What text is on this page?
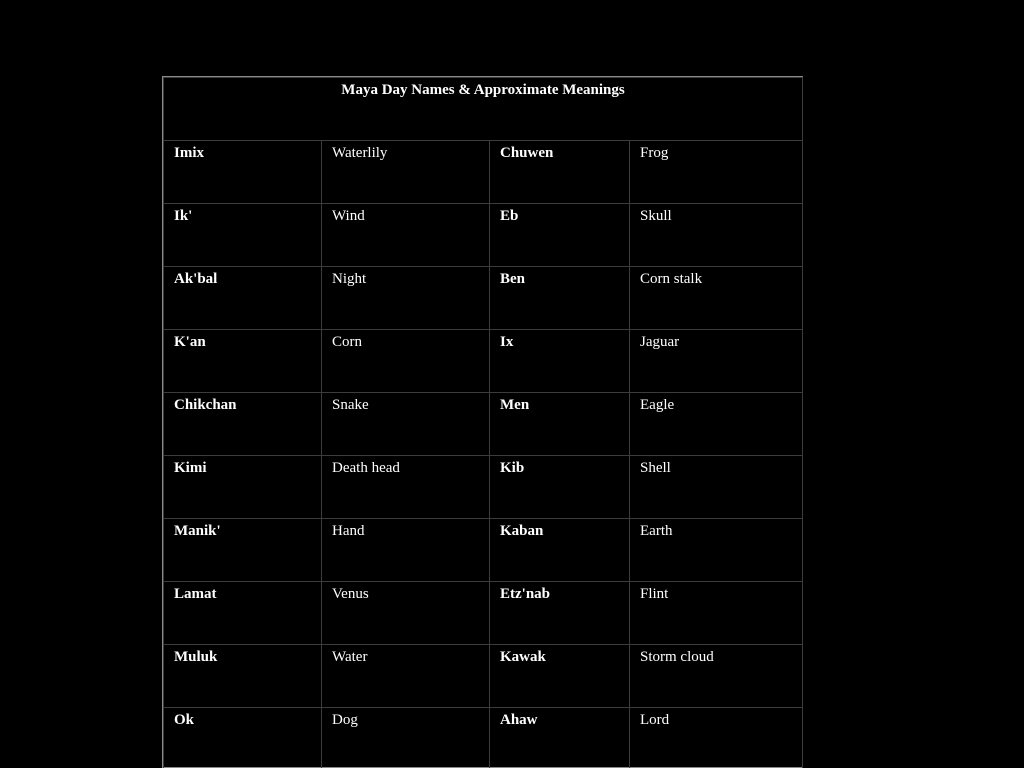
Maya Day Names & Approximate Meanings			
Imix	Waterlily	Chuwen	Frog
Ik'	Wind	Eb	Skull
Ak'bal	Night	Ben	Corn stalk
K'an	Corn	Ix	Jaguar
Chikchan	Snake	Men	Eagle
Kimi	Death head	Kib	Shell
Manik'	Hand	Kaban	Earth
Lamat	Venus	Etz'nab	Flint
Muluk	Water	Kawak	Storm cloud
Ok	Dog	Ahaw	Lord
